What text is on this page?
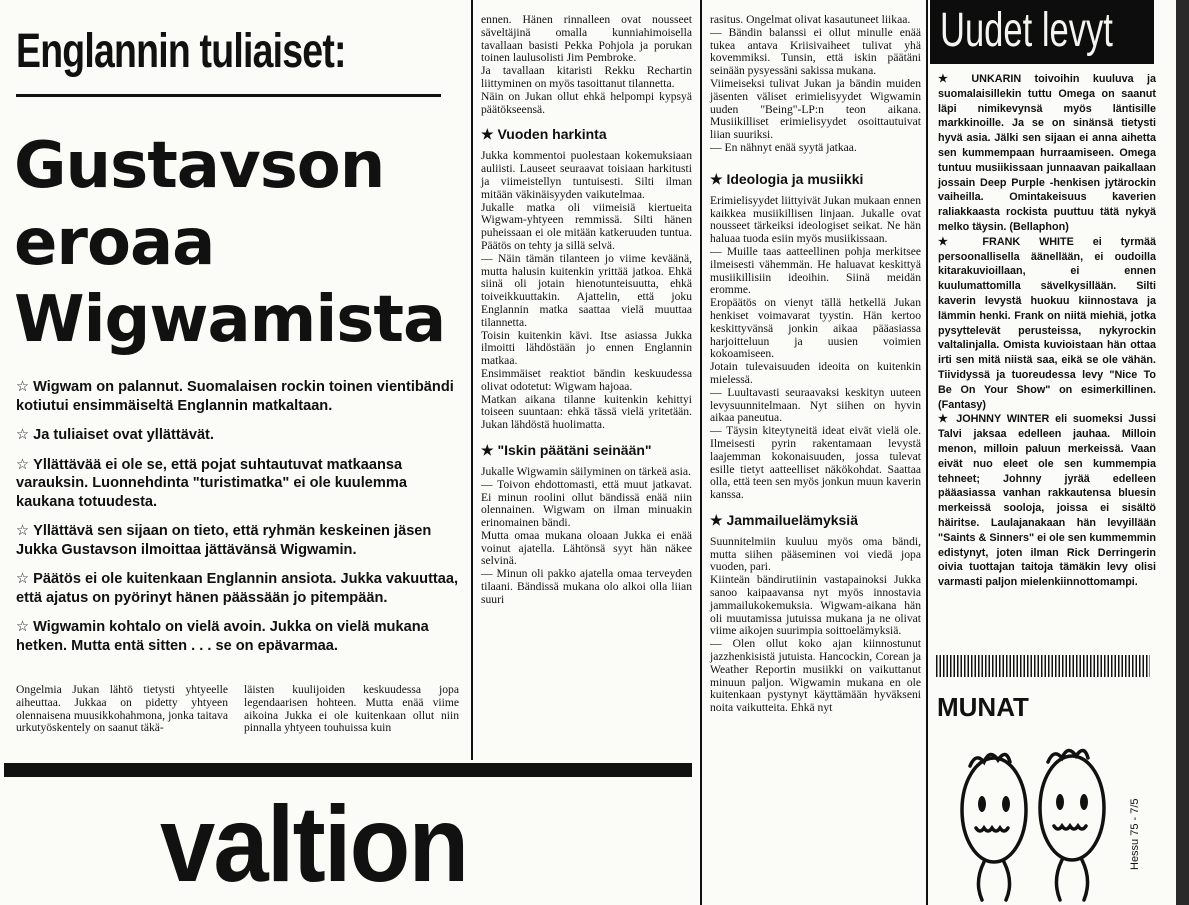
Englannin tuliaiset:
Gustavson
eroaa
Wigwamista

☆ Wigwam on palannut. Suomalaisen rockin toinen vientibändi kotiutui ensimmäiseltä Englannin matkaltaan.

☆ Ja tuliaiset ovat yllättävät.

☆ Yllättävää ei ole se, että pojat suhtautuvat matkaansa varauksin. Luonnehdinta "turistimatka" ei ole kuulemma kaukana totuudesta.

☆ Yllättävä sen sijaan on tieto, että ryhmän keskeinen jäsen Jukka Gustavson ilmoittaa jättävänsä Wigwamin.

☆ Päätös ei ole kuitenkaan Englannin ansiota. Jukka vakuuttaa, että ajatus on pyörinyt hänen päässään jo pitempään.

☆ Wigwamin kohtalo on vielä avoin. Jukka on vielä mukana hetken. Mutta entä sitten . . . se on epävarmaa.

Ongelmia Jukan lähtö tietysti yhtyeelle aiheuttaa. Jukkaa on pidetty yhtyeen olennaisena muusikkohahmona, jonka taitava urkutyöskentely on saanut täkä-
läisten kuulijoiden keskuudessa jopa legendaarisen hohteen. Mutta enää viime aikoina Jukka ei ole kuitenkaan ollut niin pinnalla yhtyeen touhuissa kuin

ennen. Hänen rinnalleen ovat nousseet säveltäjinä omalla kunniahimoisella tavallaan basisti Pekka Pohjola ja porukan toinen laulusolisti Jim Pembroke.

Ja tavallaan kitaristi Rekku Rechartin liittyminen on myös tasoittanut tilannetta.

Näin on Jukan ollut ehkä helpompi kypsyä päätökseensä.

★ Vuoden harkinta

Jukka kommentoi puolestaan kokemuksiaan auliisti. Lauseet seuraavat toisiaan harkitusti ja viimeistellyn tuntuisesti. Silti ilman mitään väkinäisyyden vaikutelmaa.

Jukalle matka oli viimeisiä kiertueita Wigwam-yhtyeen remmissä. Silti hänen puheissaan ei ole mitään katkeruuden tuntua. Päätös on tehty ja sillä selvä.

— Näin tämän tilanteen jo viime keväänä, mutta halusin kuitenkin yrittää jatkoa. Ehkä siinä oli jotain hienotunteisuutta, ehkä toiveikkuuttakin. Ajattelin, että joku Englannin matka saattaa vielä muuttaa tilannetta.

Toisin kuitenkin kävi. Itse asiassa Jukka ilmoitti lähdöstään jo ennen Englannin matkaa.

Ensimmäiset reaktiot bändin keskuudessa olivat odotetut: Wigwam hajoaa.

Matkan aikana tilanne kuitenkin kehittyi toiseen suuntaan: ehkä tässä vielä yritetään. Jukan lähdöstä huolimatta.

★ "Iskin päätäni seinään"

Jukalle Wigwamin säilyminen on tärkeä asia.

— Toivon ehdottomasti, että muut jatkavat. Ei minun roolini ollut bändissä enää niin olennainen. Wigwam on ilman minuakin erinomainen bändi.

Mutta omaa mukana oloaan Jukka ei enää voinut ajatella. Lähtönsä syyt hän näkee selvinä.

— Minun oli pakko ajatella omaa terveyden tilaani. Bändissä mukana olo alkoi olla liian suuri

rasitus. Ongelmat olivat kasautuneet liikaa.

— Bändin balanssi ei ollut minulle enää tukea antava Kriisivaiheet tulivat yhä kovemmiksi. Tunsin, että iskin päätäni seinään pysyessäni sakissa mukana.

Viimeiseksi tulivat Jukan ja bändin muiden jäsenten väliset erimielisyydet Wigwamin uuden "Being"-LP:n teon aikana. Musiikilliset erimielisyydet osoittautuivat liian suuriksi.

— En nähnyt enää syytä jatkaa.

★ Ideologia ja musiikki

Erimielisyydet liittyivät Jukan mukaan ennen kaikkea musiikillisen linjaan. Jukalle ovat nousseet tärkeiksi ideologiset seikat. Ne hän haluaa tuoda esiin myös musiikissaan.

— Muille taas aatteellinen pohja merkitsee ilmeisesti vähemmän. He haluavat keskittyä musiikillisiin ideoihin. Siinä meidän eromme.

Eropäätös on vienyt tällä hetkellä Jukan henkiset voimavarat tyystin. Hän kertoo keskittyvänsä jonkin aikaa pääasiassa harjoitteluun ja uusien voimien kokoamiseen.

Jotain tulevaisuuden ideoita on kuitenkin mielessä.

— Luultavasti seuraavaksi keskityn uuteen levysuunnitelmaan. Nyt siihen on hyvin aikaa paneutua.

— Täysin kiteytyneitä ideat eivät vielä ole. Ilmeisesti pyrin rakentamaan levystä laajemman kokonaisuuden, jossa tulevat esille tietyt aatteelliset näkökohdat. Saattaa olla, että teen sen myös jonkun muun kaverin kanssa.

★ Jammailuelämyksiä

Suunnitelmiin kuuluu myös oma bändi, mutta siihen pääseminen voi viedä jopa vuoden, pari.

Kiinteän bändirutiinin vastapainoksi Jukka sanoo kaipaavansa nyt myös innostavia jammailukokemuksia. Wigwam-aikana hän oli muutamissa jutuissa mukana ja ne olivat viime aikojen suurimpia soittoelämyksiä.

— Olen ollut koko ajan kiinnostunut jazzhenkisistä jutuista. Hancockin, Corean ja Weather Reportin musiikki on vaikuttanut minuun paljon. Wigwamin mukana en ole kuitenkaan pystynyt käyttämään hyväkseni noita vaikutteita. Ehkä nyt

valtion
Uudet levyt

★ UNKARIN toivoihin kuuluva ja suomalaisillekin tuttu Omega on saanut läpi nimikevynsä myös läntisille markkinoille. Ja se on sinänsä tietysti hyvä asia. Jälki sen sijaan ei anna aihetta sen kummempaan hurraamiseen. Omega tuntuu musiikissaan junnaavan paikallaan jossain Deep Purple -henkisen jytärockin vaiheilla. Omintakeisuus kaverien raliakkaasta rockista puuttuu tätä nykyä melko täysin. (Bellaphon)

★ FRANK WHITE ei tyrmää persoonallisella äänellään, ei oudoilla kitarakuvioillaan, ei ennen kuulumattomilla sävelkysillään. Silti kaverin levystä huokuu kiinnostava ja lämmin henki. Frank on niitä miehiä, jotka pysyttelevät perusteissa, nykyrockin valtalinjalla. Omista kuvioistaan hän ottaa irti sen mitä niistä saa, eikä se ole vähän. Tiividyssä ja tuoreudessa levy "Nice To Be On Your Show" on esimerkillinen. (Fantasy)

★ JOHNNY WINTER eli suomeksi Jussi Talvi jaksaa edelleen jauhaa. Milloin menon, milloin paluun merkeissä. Vaan eivät nuo eleet ole sen kummempia tehneet; Johnny jyrää edelleen pääasiassa vanhan rakkautensa bluesin merkeissä soolojа, joissa ei sisältö häiritse. Laulajanakaan hän levyillään "Saints & Sinners" ei ole sen kummemmin edistynyt, joten ilman Rick Derringerin oivia tuottajan taitoja tämäkin levy olisi varmasti paljon mielenkiinnottomampi.

MUNAT
Hessu 75 - 7/5
